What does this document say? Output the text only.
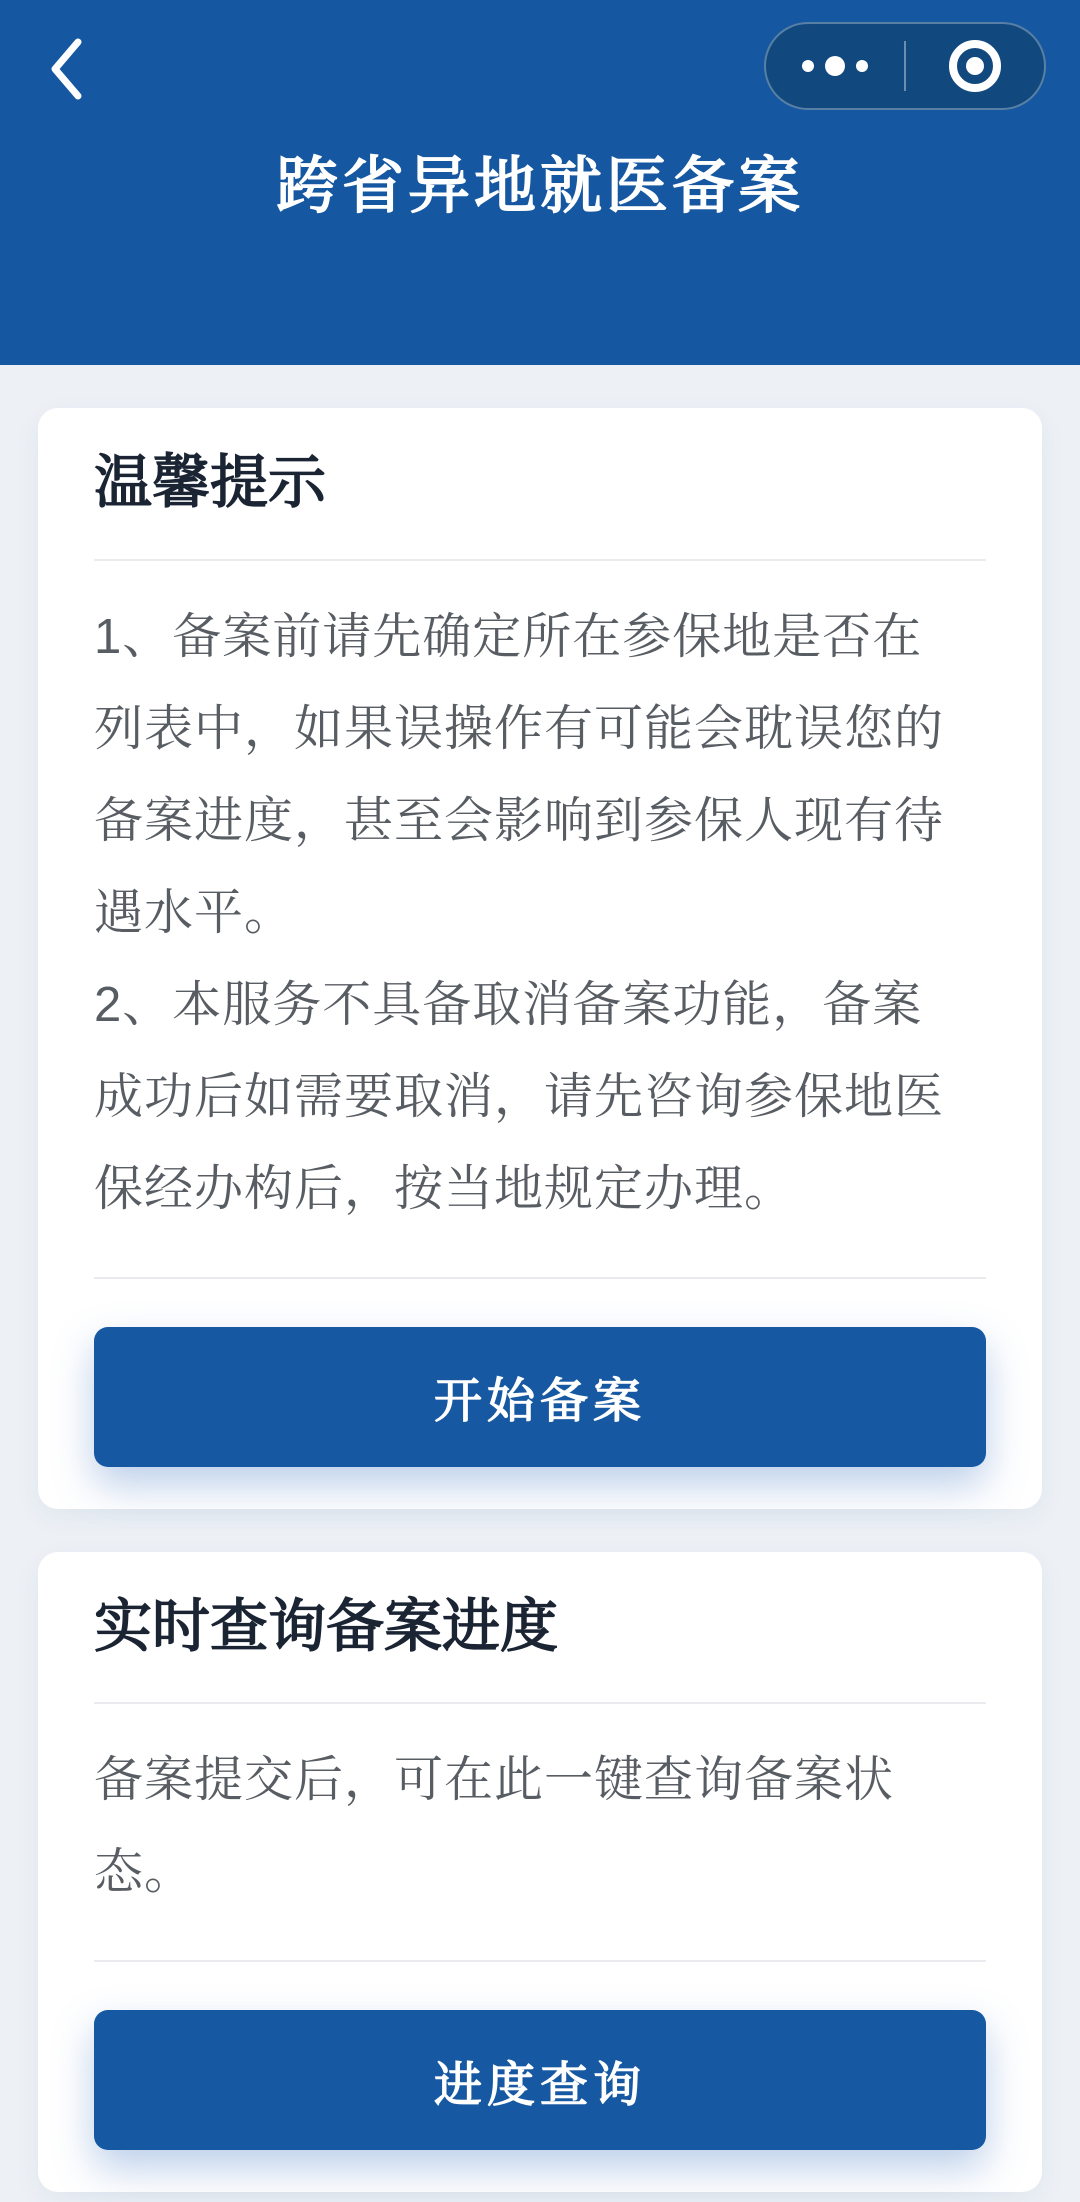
跨省异地就医备案
温馨提示
1、备案前请先确定所在参保地是否在
列表中，如果误操作有可能会耽误您的
备案进度，甚至会影响到参保人现有待
遇水平。
2、本服务不具备取消备案功能，备案
成功后如需要取消，请先咨询参保地医
保经办构后，按当地规定办理。
开始备案
实时查询备案进度
备案提交后，可在此一键查询备案状
态。
进度查询
